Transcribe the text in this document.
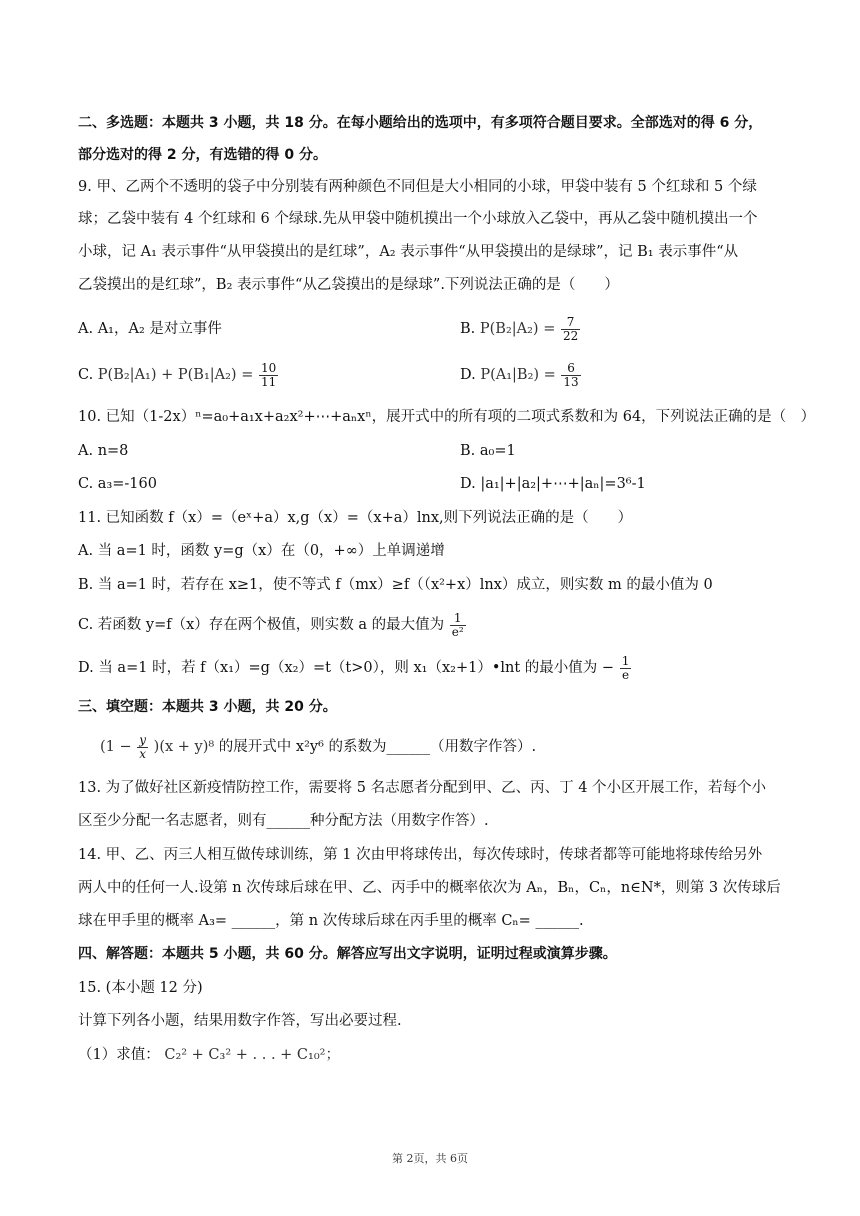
二、多选题：本题共 3 小题，共 18 分。在每小题给出的选项中，有多项符合题目要求。全部选对的得 6 分，
部分选对的得 2 分，有选错的得 0 分。
9. 甲、乙两个不透明的袋子中分别装有两种颜色不同但是大小相同的小球，甲袋中装有 5 个红球和 5 个绿
球；乙袋中装有 4 个红球和 6 个绿球.先从甲袋中随机摸出一个小球放入乙袋中，再从乙袋中随机摸出一个
小球，记 A₁ 表示事件“从甲袋摸出的是红球”，A₂ 表示事件“从甲袋摸出的是绿球”，记 B₁ 表示事件“从
乙袋摸出的是红球”，B₂ 表示事件“从乙袋摸出的是绿球”.下列说法正确的是（　　）
A. A₁，A₂ 是对立事件	B. $P(B_2|A_2) = \frac{7}{22}$
C. $P(B_2|A_1) + P(B_1|A_2) = \frac{10}{11}$	D. $P(A_1|B_2) = \frac{6}{13}$
10. 已知（1-2x）ⁿ=a₀+a₁x+a₂x²+⋯+aₙxⁿ，展开式中的所有项的二项式系数和为 64，下列说法正确的是（　）
A. n=8	B. a₀=1
C. a₃=-160	D. |a₁|+|a₂|+⋯+|aₙ|=3⁶-1
11. 已知函数 f（x）=（eˣ+a）x,g（x）=（x+a）lnx,则下列说法正确的是（　　）
A. 当 a=1 时，函数 y=g（x）在（0，+∞）上单调递增
B. 当 a=1 时，若存在 x≥1，使不等式 f（mx）≥f（（x²+x）lnx）成立，则实数 m 的最小值为 0
C. 若函数 y=f（x）存在两个极值，则实数 a 的最大值为 $\frac{1}{\text{e²}}$
D. 当 a=1 时，若 f（x₁）=g（x₂）=t（t>0），则 x₁（x₂+1）•lnt 的最小值为 − $\frac{1}{e}$
三、填空题：本题共 3 小题，共 20 分。
$(1 - \frac{y}{x} )(x + y)^8$ 的展开式中 x²y⁶ 的系数为______（用数字作答）.
13. 为了做好社区新疫情防控工作，需要将 5 名志愿者分配到甲、乙、丙、丁 4 个小区开展工作，若每个小
区至少分配一名志愿者，则有______种分配方法（用数字作答）.
14. 甲、乙、丙三人相互做传球训练，第 1 次由甲将球传出，每次传球时，传球者都等可能地将球传给另外
两人中的任何一人.设第 n 次传球后球在甲、乙、丙手中的概率依次为 Aₙ，Bₙ，Cₙ，n∈N*，则第 3 次传球后
球在甲手里的概率 A₃= ______，第 n 次传球后球在丙手里的概率 Cₙ= ______.
四、解答题：本题共 5 小题，共 60 分。解答应写出文字说明，证明过程或演算步骤。
15. (本小题 12 分)
计算下列各小题，结果用数字作答，写出必要过程.
（1）求值： C₂² + C₃² + . . . + C₁₀²；
第 2页，共 6页
